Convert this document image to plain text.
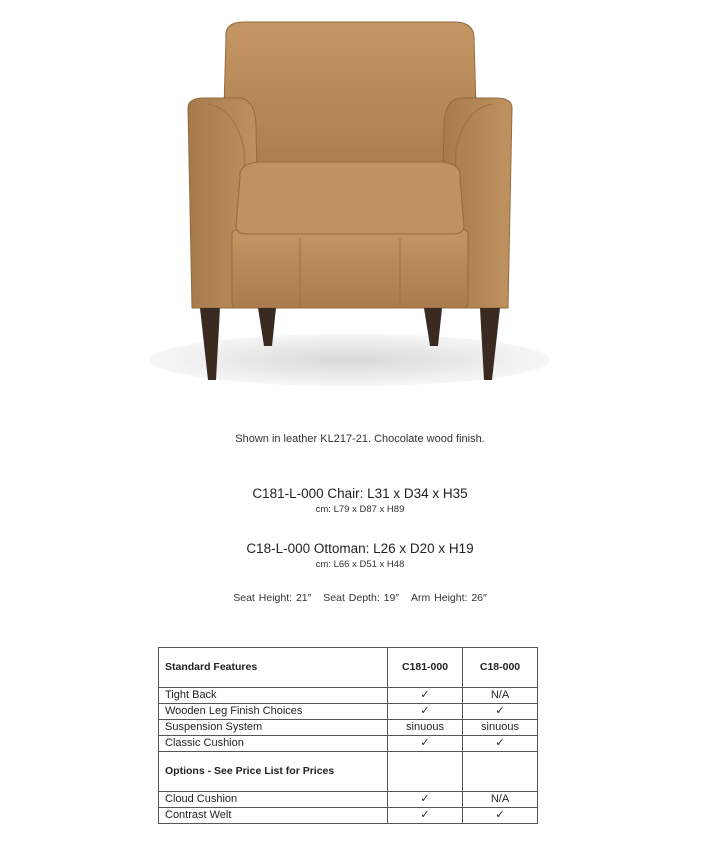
Shown in leather KL217-21. Chocolate wood finish.
C181-L-000 Chair: L31 x D34 x H35
cm: L79 x D87 x H89
C18-L-000 Ottoman: L26 x D20 x H19
cm: L66 x D51 x H48
Seat Height: 21″ Seat Depth: 19″ Arm Height: 26″
Standard Features	C181-000	C18-000
Tight Back	✓	N/A
Wooden Leg Finish Choices	✓	✓
Suspension System	sinuous	sinuous
Classic Cushion	✓	✓
Options - See Price List for Prices		
Cloud Cushion	✓	N/A
Contrast Welt	✓	✓
